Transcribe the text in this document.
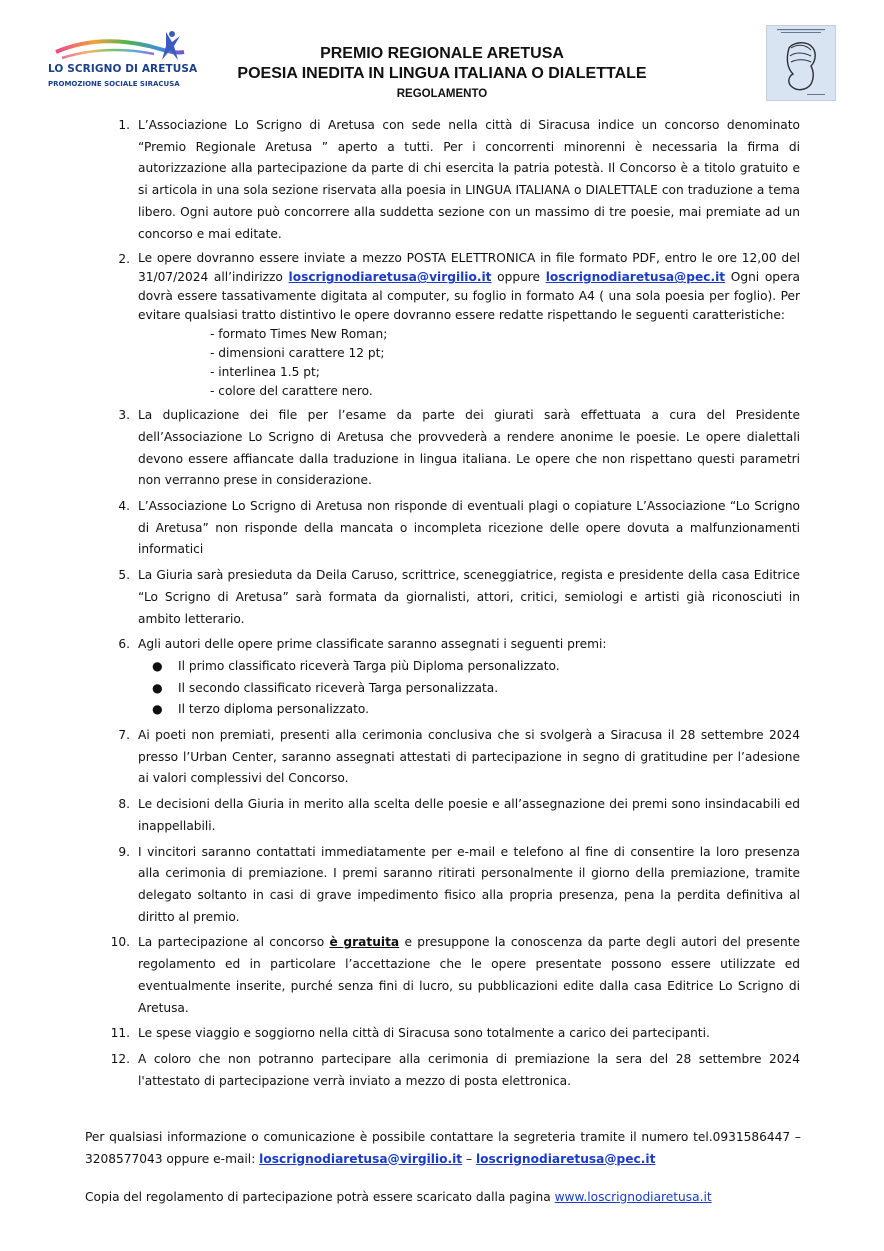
LO SCRIGNO DI ARETUSA
PROMOZIONE SOCIALE SIRACUSA
PREMIO REGIONALE ARETUSA
POESIA INEDITA IN LINGUA ITALIANA O DIALETTALE
REGOLAMENTO
1. L’Associazione Lo Scrigno di Aretusa con sede nella città di Siracusa indice un concorso denominato “Premio Regionale Aretusa ” aperto a tutti. Per i concorrenti minorenni è necessaria la firma di autorizzazione alla partecipazione da parte di chi esercita la patria potestà. Il Concorso è a titolo gratuito e si articola in una sola sezione riservata alla poesia in LINGUA ITALIANA o DIALETTALE con traduzione a tema libero. Ogni autore può concorrere alla suddetta sezione con un massimo di tre poesie, mai premiate ad un concorso e mai editate.

2. Le opere dovranno essere inviate a mezzo POSTA ELETTRONICA in file formato PDF, entro le ore 12,00 del 31/07/2024 all’indirizzo loscrignodiaretusa@virgilio.it oppure loscrignodiaretusa@pec.it Ogni opera dovrà essere tassativamente digitata al computer, su foglio in formato A4 ( una sola poesia per foglio). Per evitare qualsiasi tratto distintivo le opere dovranno essere redatte rispettando le seguenti caratteristiche:

- formato Times New Roman;
- dimensioni carattere 12 pt;
- interlinea 1.5 pt;
- colore del carattere nero.
3. La duplicazione dei file per l’esame da parte dei giurati sarà effettuata a cura del Presidente dell’Associazione Lo Scrigno di Aretusa che provvederà a rendere anonime le poesie. Le opere dialettali devono essere affiancate dalla traduzione in lingua italiana. Le opere che non rispettano questi parametri non verranno prese in considerazione.

4. L’Associazione Lo Scrigno di Aretusa non risponde di eventuali plagi o copiature L’Associazione “Lo Scrigno di Aretusa” non risponde della mancata o incompleta ricezione delle opere dovuta a malfunzionamenti informatici

5. La Giuria sarà presieduta da Deila Caruso, scrittrice, sceneggiatrice, regista e presidente della casa Editrice “Lo Scrigno di Aretusa” sarà formata da giornalisti, attori, critici, semiologi e artisti già riconosciuti in ambito letterario.

6. Agli autori delle opere prime classificate saranno assegnati i seguenti premi:

● Il primo classificato riceverà Targa più Diploma personalizzato.
● Il secondo classificato riceverà Targa personalizzata.
● Il terzo diploma personalizzato.
7. Ai poeti non premiati, presenti alla cerimonia conclusiva che si svolgerà a Siracusa il 28 settembre 2024 presso l’Urban Center, saranno assegnati attestati di partecipazione in segno di gratitudine per l’adesione ai valori complessivi del Concorso.

8. Le decisioni della Giuria in merito alla scelta delle poesie e all’assegnazione dei premi sono insindacabili ed inappellabili.

9. I vincitori saranno contattati immediatamente per e-mail e telefono al fine di consentire la loro presenza alla cerimonia di premiazione. I premi saranno ritirati personalmente il giorno della premiazione, tramite delegato soltanto in casi di grave impedimento fisico alla propria presenza, pena la perdita definitiva al diritto al premio.

10. La partecipazione al concorso è gratuita e presuppone la conoscenza da parte degli autori del presente regolamento ed in particolare l’accettazione che le opere presentate possono essere utilizzate ed eventualmente inserite, purché senza fini di lucro, su pubblicazioni edite dalla casa Editrice Lo Scrigno di Aretusa.

11. Le spese viaggio e soggiorno nella città di Siracusa sono totalmente a carico dei partecipanti.

12. A coloro che non potranno partecipare alla cerimonia di premiazione la sera del 28 settembre 2024 l'attestato di partecipazione verrà inviato a mezzo di posta elettronica.

Per qualsiasi informazione o comunicazione è possibile contattare la segreteria tramite il numero tel.0931586447 – 3208577043 oppure e-mail: loscrignodiaretusa@virgilio.it – loscrignodiaretusa@pec.it
Copia del regolamento di partecipazione potrà essere scaricato dalla pagina www.loscrignodiaretusa.it
